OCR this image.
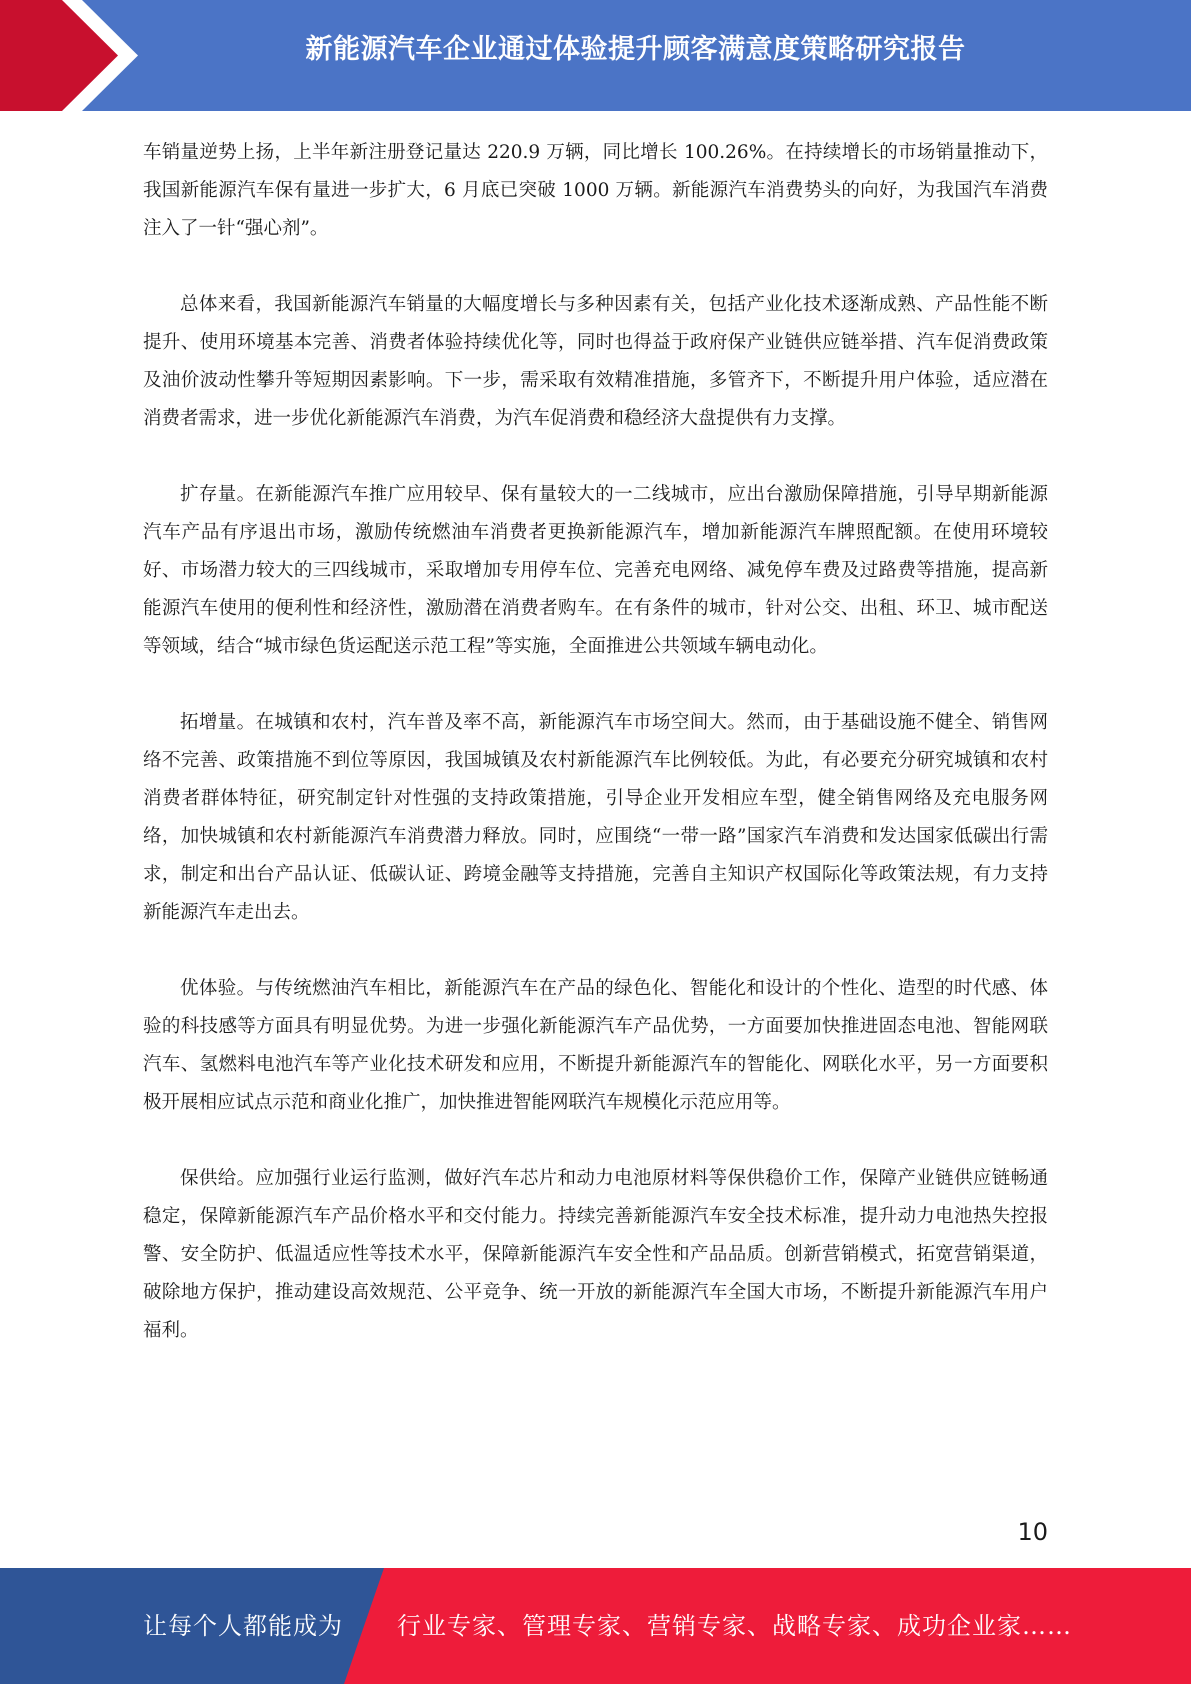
新能源汽车企业通过体验提升顾客满意度策略研究报告

车销量逆势上扬，上半年新注册登记量达 220.9 万辆，同比增长 100.26%。在持续增长的市场销量推动下，我国新能源汽车保有量进一步扩大，6 月底已突破 1000 万辆。新能源汽车消费势头的向好，为我国汽车消费注入了一针“强心剂”。

总体来看，我国新能源汽车销量的大幅度增长与多种因素有关，包括产业化技术逐渐成熟、产品性能不断提升、使用环境基本完善、消费者体验持续优化等，同时也得益于政府保产业链供应链举措、汽车促消费政策及油价波动性攀升等短期因素影响。下一步，需采取有效精准措施，多管齐下，不断提升用户体验，适应潜在消费者需求，进一步优化新能源汽车消费，为汽车促消费和稳经济大盘提供有力支撑。

扩存量。在新能源汽车推广应用较早、保有量较大的一二线城市，应出台激励保障措施，引导早期新能源汽车产品有序退出市场，激励传统燃油车消费者更换新能源汽车，增加新能源汽车牌照配额。在使用环境较好、市场潜力较大的三四线城市，采取增加专用停车位、完善充电网络、减免停车费及过路费等措施，提高新能源汽车使用的便利性和经济性，激励潜在消费者购车。在有条件的城市，针对公交、出租、环卫、城市配送等领域，结合“城市绿色货运配送示范工程”等实施，全面推进公共领域车辆电动化。

拓增量。在城镇和农村，汽车普及率不高，新能源汽车市场空间大。然而，由于基础设施不健全、销售网络不完善、政策措施不到位等原因，我国城镇及农村新能源汽车比例较低。为此，有必要充分研究城镇和农村消费者群体特征，研究制定针对性强的支持政策措施，引导企业开发相应车型，健全销售网络及充电服务网络，加快城镇和农村新能源汽车消费潜力释放。同时，应围绕“一带一路”国家汽车消费和发达国家低碳出行需求，制定和出台产品认证、低碳认证、跨境金融等支持措施，完善自主知识产权国际化等政策法规，有力支持新能源汽车走出去。

优体验。与传统燃油汽车相比，新能源汽车在产品的绿色化、智能化和设计的个性化、造型的时代感、体验的科技感等方面具有明显优势。为进一步强化新能源汽车产品优势，一方面要加快推进固态电池、智能网联汽车、氢燃料电池汽车等产业化技术研发和应用，不断提升新能源汽车的智能化、网联化水平，另一方面要积极开展相应试点示范和商业化推广，加快推进智能网联汽车规模化示范应用等。

保供给。应加强行业运行监测，做好汽车芯片和动力电池原材料等保供稳价工作，保障产业链供应链畅通稳定，保障新能源汽车产品价格水平和交付能力。持续完善新能源汽车安全技术标准，提升动力电池热失控报警、安全防护、低温适应性等技术水平，保障新能源汽车安全性和产品品质。创新营销模式，拓宽营销渠道，破除地方保护，推动建设高效规范、公平竞争、统一开放的新能源汽车全国大市场，不断提升新能源汽车用户福利。

10
让每个人都能成为 行业专家、管理专家、营销专家、战略专家、成功企业家……
